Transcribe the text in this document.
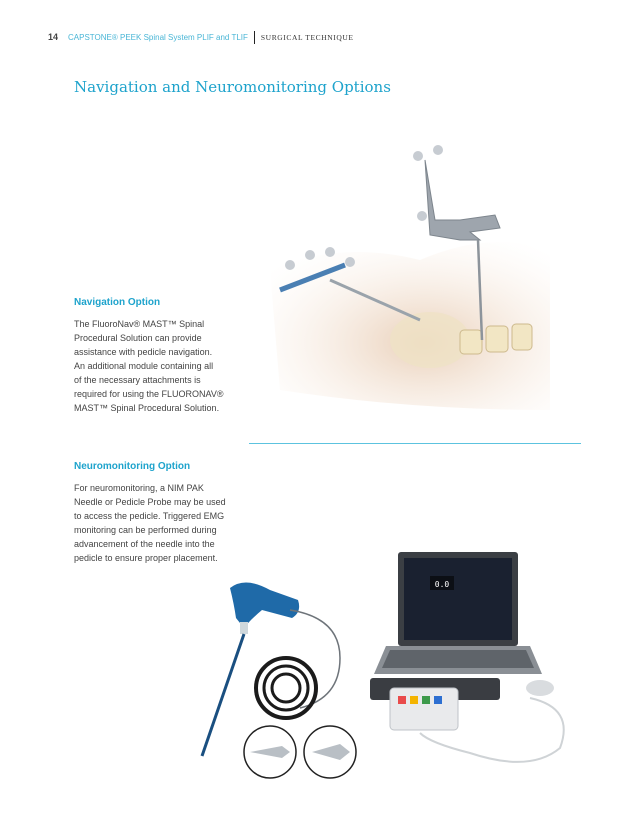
14 CAPSTONE® PEEK Spinal System PLIF and TLIF SURGICAL TECHNIQUE
Navigation and Neuromonitoring Options
Navigation Option
The FluoroNav® MAST™ Spinal
Procedural Solution can provide
assistance with pedicle navigation.
An additional module containing all
of the necessary attachments is
required for using the FLUORONAV®
MAST™ Spinal Procedural Solution.
Neuromonitoring Option
For neuromonitoring, a NIM PAK
Needle or Pedicle Probe may be used
to access the pedicle. Triggered EMG
monitoring can be performed during
advancement of the needle into the
pedicle to ensure proper placement.
0.0
